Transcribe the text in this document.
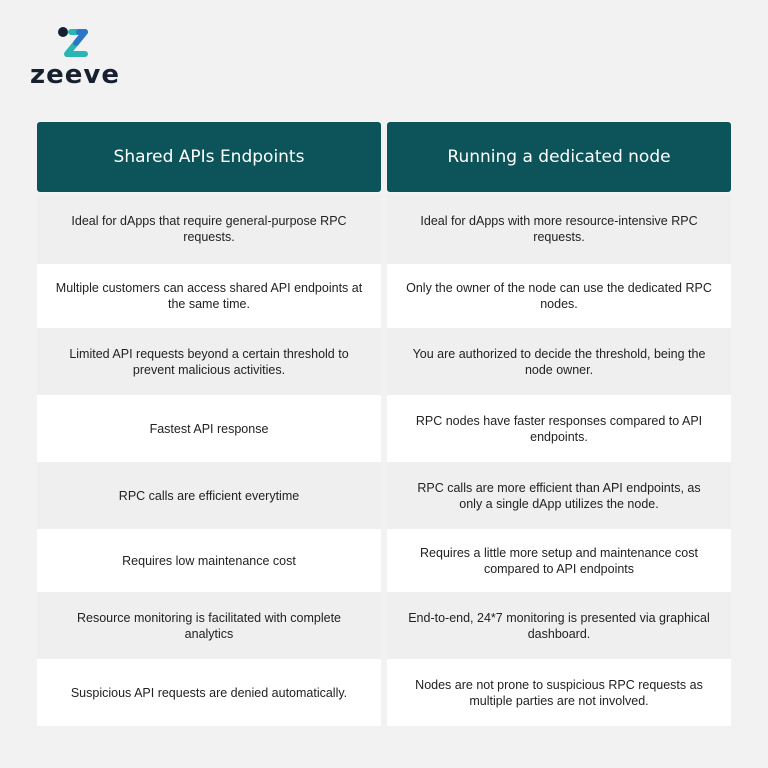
zeeve
Shared APIs Endpoints	Running a dedicated node
Ideal for dApps that require general-purpose RPC requests.
Ideal for dApps with more resource-intensive RPC requests.
Multiple customers can access shared API endpoints at the same time.
Only the owner of the node can use the dedicated RPC nodes.
Limited API requests beyond a certain threshold to prevent malicious activities.
You are authorized to decide the threshold, being the node owner.
Fastest API response
RPC nodes have faster responses compared to API endpoints.
RPC calls are efficient everytime
RPC calls are more efficient than API endpoints, as only a single dApp utilizes the node.
Requires low maintenance cost
Requires a little more setup and maintenance cost compared to API endpoints
Resource monitoring is facilitated with complete analytics
End-to-end, 24*7 monitoring is presented via graphical dashboard.
Suspicious API requests are denied automatically.
Nodes are not prone to suspicious RPC requests as multiple parties are not involved.
